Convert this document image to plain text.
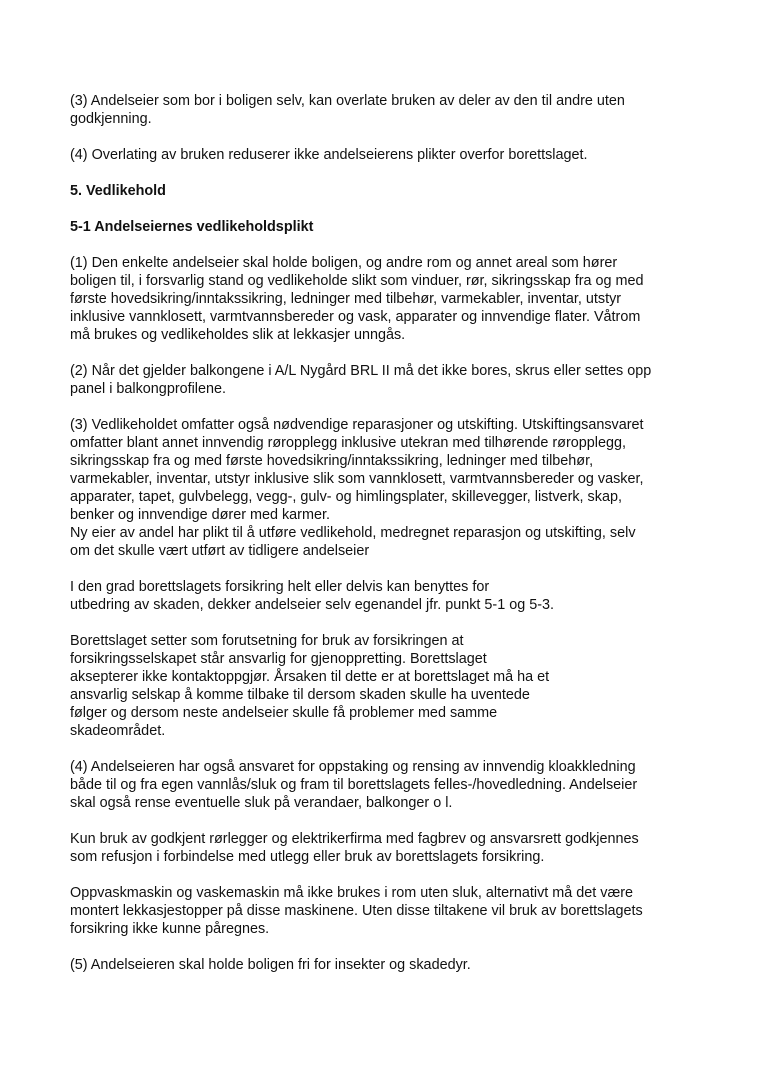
(3) Andelseier som bor i boligen selv, kan overlate bruken av deler av den til andre uten
godkjenning.
(4) Overlating av bruken reduserer ikke andelseierens plikter overfor borettslaget.
5. Vedlikehold
5-1 Andelseiernes vedlikeholdsplikt
(1) Den enkelte andelseier skal holde boligen, og andre rom og annet areal som hører
boligen til, i forsvarlig stand og vedlikeholde slikt som vinduer, rør, sikringsskap fra og med
første hovedsikring/inntakssikring, ledninger med tilbehør, varmekabler, inventar, utstyr
inklusive vannklosett, varmtvannsbereder og vask, apparater og innvendige flater. Våtrom
må brukes og vedlikeholdes slik at lekkasjer unngås.
(2) Når det gjelder balkongene i A/L Nygård BRL II må det ikke bores, skrus eller settes opp
panel i balkongprofilene.
(3) Vedlikeholdet omfatter også nødvendige reparasjoner og utskifting. Utskiftingsansvaret
omfatter blant annet innvendig røropplegg inklusive utekran med tilhørende røropplegg,
sikringsskap fra og med første hovedsikring/inntakssikring, ledninger med tilbehør,
varmekabler, inventar, utstyr inklusive slik som vannklosett, varmtvannsbereder og vasker,
apparater, tapet, gulvbelegg, vegg-, gulv- og himlingsplater, skillevegger, listverk, skap,
benker og innvendige dører med karmer.
Ny eier av andel har plikt til å utføre vedlikehold, medregnet reparasjon og utskifting, selv
om det skulle vært utført av tidligere andelseier
I den grad borettslagets forsikring helt eller delvis kan benyttes for
utbedring av skaden, dekker andelseier selv egenandel jfr. punkt 5-1 og 5-3.
Borettslaget setter som forutsetning for bruk av forsikringen at
forsikringsselskapet står ansvarlig for gjenoppretting. Borettslaget
aksepterer ikke kontaktoppgjør. Årsaken til dette er at borettslaget må ha et
ansvarlig selskap å komme tilbake til dersom skaden skulle ha uventede
følger og dersom neste andelseier skulle få problemer med samme
skadeområdet.
(4) Andelseieren har også ansvaret for oppstaking og rensing av innvendig kloakkledning
både til og fra egen vannlås/sluk og fram til borettslagets felles-/hovedledning. Andelseier
skal også rense eventuelle sluk på verandaer, balkonger o l.
Kun bruk av godkjent rørlegger og elektrikerfirma med fagbrev og ansvarsrett godkjennes
som refusjon i forbindelse med utlegg eller bruk av borettslagets forsikring.
Oppvaskmaskin og vaskemaskin må ikke brukes i rom uten sluk, alternativt må det være
montert lekkasjestopper på disse maskinene. Uten disse tiltakene vil bruk av borettslagets
forsikring ikke kunne påregnes.
(5) Andelseieren skal holde boligen fri for insekter og skadedyr.
